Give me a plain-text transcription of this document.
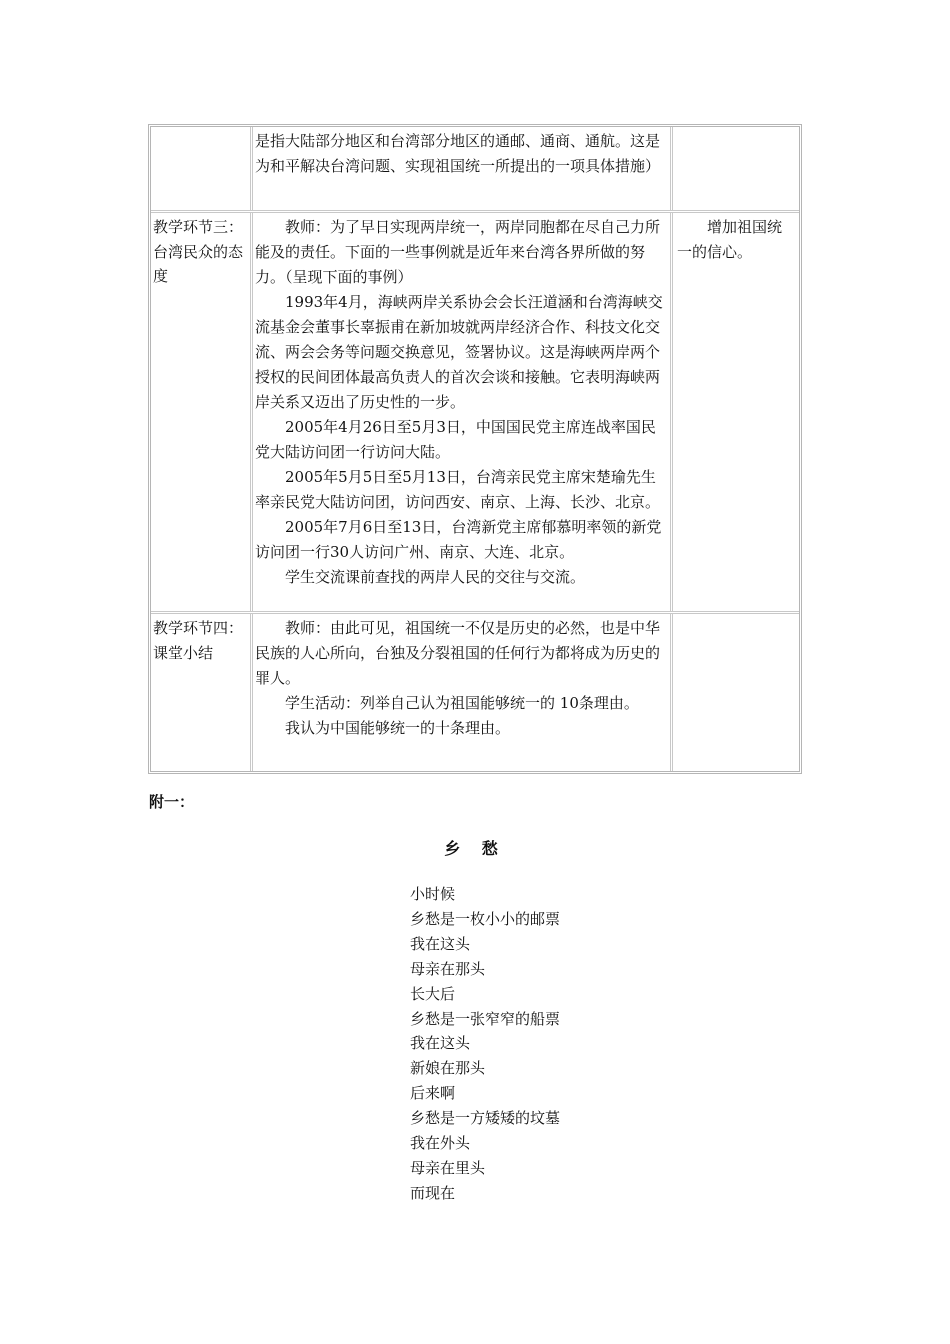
是指大陆部分地区和台湾部分地区的通邮、通商、通航。这是为和平解决台湾问题、实现祖国统一所提出的一项具体措施）

教学环节三：台湾民众的态度

教师：为了早日实现两岸统一，两岸同胞都在尽自己力所能及的责任。下面的一些事例就是近年来台湾各界所做的努力。（呈现下面的事例）

1993年4月，海峡两岸关系协会会长汪道涵和台湾海峡交流基金会董事长辜振甫在新加坡就两岸经济合作、科技文化交流、两会会务等问题交换意见，签署协议。这是海峡两岸两个授权的民间团体最高负责人的首次会谈和接触。它表明海峡两岸关系又迈出了历史性的一步。

2005年4月26日至5月3日，中国国民党主席连战率国民党大陆访问团一行访问大陆。

2005年5月5日至5月13日，台湾亲民党主席宋楚瑜先生率亲民党大陆访问团，访问西安、南京、上海、长沙、北京。

2005年7月6日至13日，台湾新党主席郁慕明率领的新党访问团一行30人访问广州、南京、大连、北京。

学生交流课前查找的两岸人民的交往与交流。

增加祖国统一的信心。
教学环节四：课堂小结

教师：由此可见，祖国统一不仅是历史的必然，也是中华民族的人心所向，台独及分裂祖国的任何行为都将成为历史的罪人。

学生活动：列举自己认为祖国能够统一的 10条理由。

我认为中国能够统一的十条理由。

附一：
乡 愁
小时候
乡愁是一枚小小的邮票
我在这头
母亲在那头
长大后
乡愁是一张窄窄的船票
我在这头
新娘在那头
后来啊
乡愁是一方矮矮的坟墓
我在外头
母亲在里头
而现在
